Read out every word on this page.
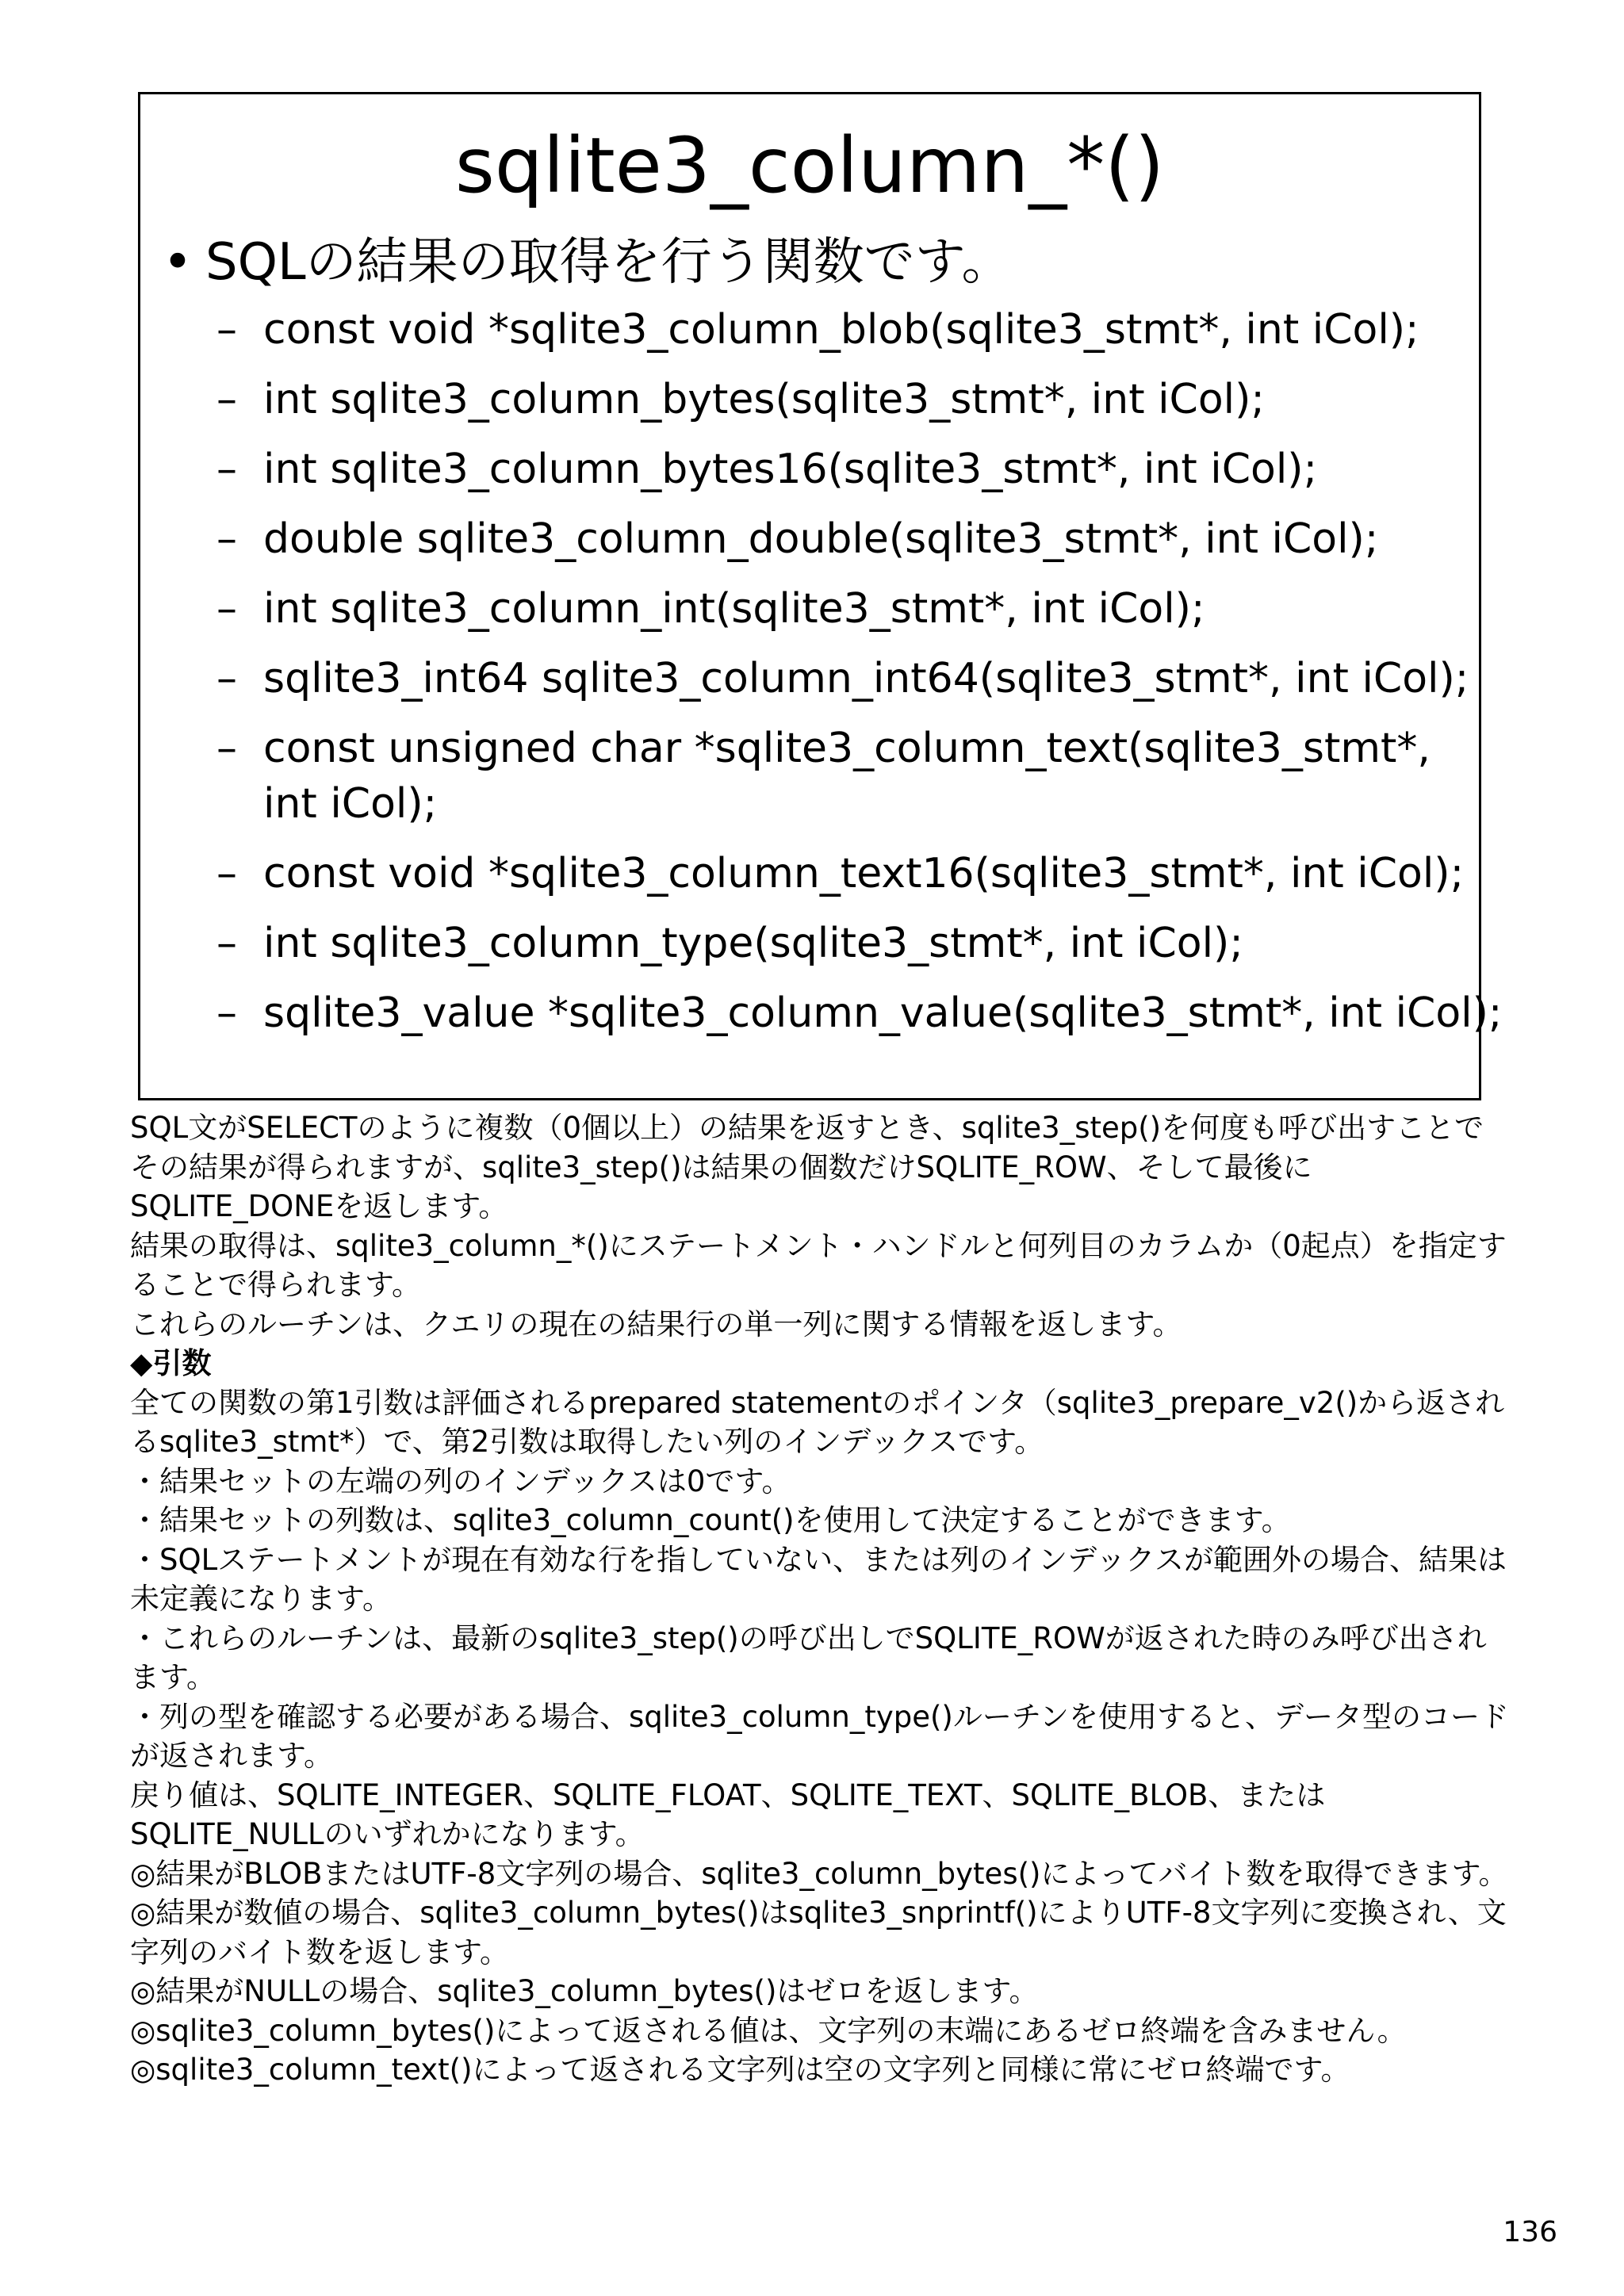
sqlite3_column_*()
• SQLの結果の取得を行う関数です。
– const void *sqlite3_column_blob(sqlite3_stmt*, int iCol);
– int sqlite3_column_bytes(sqlite3_stmt*, int iCol);
– int sqlite3_column_bytes16(sqlite3_stmt*, int iCol);
– double sqlite3_column_double(sqlite3_stmt*, int iCol);
– int sqlite3_column_int(sqlite3_stmt*, int iCol);
– sqlite3_int64 sqlite3_column_int64(sqlite3_stmt*, int iCol);
– const unsigned char *sqlite3_column_text(sqlite3_stmt*, int iCol);
– const void *sqlite3_column_text16(sqlite3_stmt*, int iCol);
– int sqlite3_column_type(sqlite3_stmt*, int iCol);
– sqlite3_value *sqlite3_column_value(sqlite3_stmt*, int iCol);

SQL文がSELECTのように複数（0個以上）の結果を返すとき、sqlite3_step()を何度も呼び出すことでその結果が得られますが、sqlite3_step()は結果の個数だけSQLITE_ROW、そして最後にSQLITE_DONEを返します。

結果の取得は、sqlite3_column_*()にステートメント・ハンドルと何列目のカラムか（0起点）を指定することで得られます。

これらのルーチンは、クエリの現在の結果行の単一列に関する情報を返します。

◆引数

全ての関数の第1引数は評価されるprepared statementのポインタ（sqlite3_prepare_v2()から返されるsqlite3_stmt*）で、第2引数は取得したい列のインデックスです。

・結果セットの左端の列のインデックスは0です。

・結果セットの列数は、sqlite3_column_count()を使用して決定することができます。

・SQLステートメントが現在有効な行を指していない、または列のインデックスが範囲外の場合、結果は未定義になります。

・これらのルーチンは、最新のsqlite3_step()の呼び出しでSQLITE_ROWが返された時のみ呼び出されます。

・列の型を確認する必要がある場合、sqlite3_column_type()ルーチンを使用すると、データ型のコードが返されます。

戻り値は、SQLITE_INTEGER、SQLITE_FLOAT、SQLITE_TEXT、SQLITE_BLOB、またはSQLITE_NULLのいずれかになります。

◎結果がBLOBまたはUTF-8文字列の場合、sqlite3_column_bytes()によってバイト数を取得できます。

◎結果が数値の場合、sqlite3_column_bytes()はsqlite3_snprintf()によりUTF-8文字列に変換され、文字列のバイト数を返します。

◎結果がNULLの場合、sqlite3_column_bytes()はゼロを返します。

◎sqlite3_column_bytes()によって返される値は、文字列の末端にあるゼロ終端を含みません。

◎sqlite3_column_text()によって返される文字列は空の文字列と同様に常にゼロ終端です。

136
